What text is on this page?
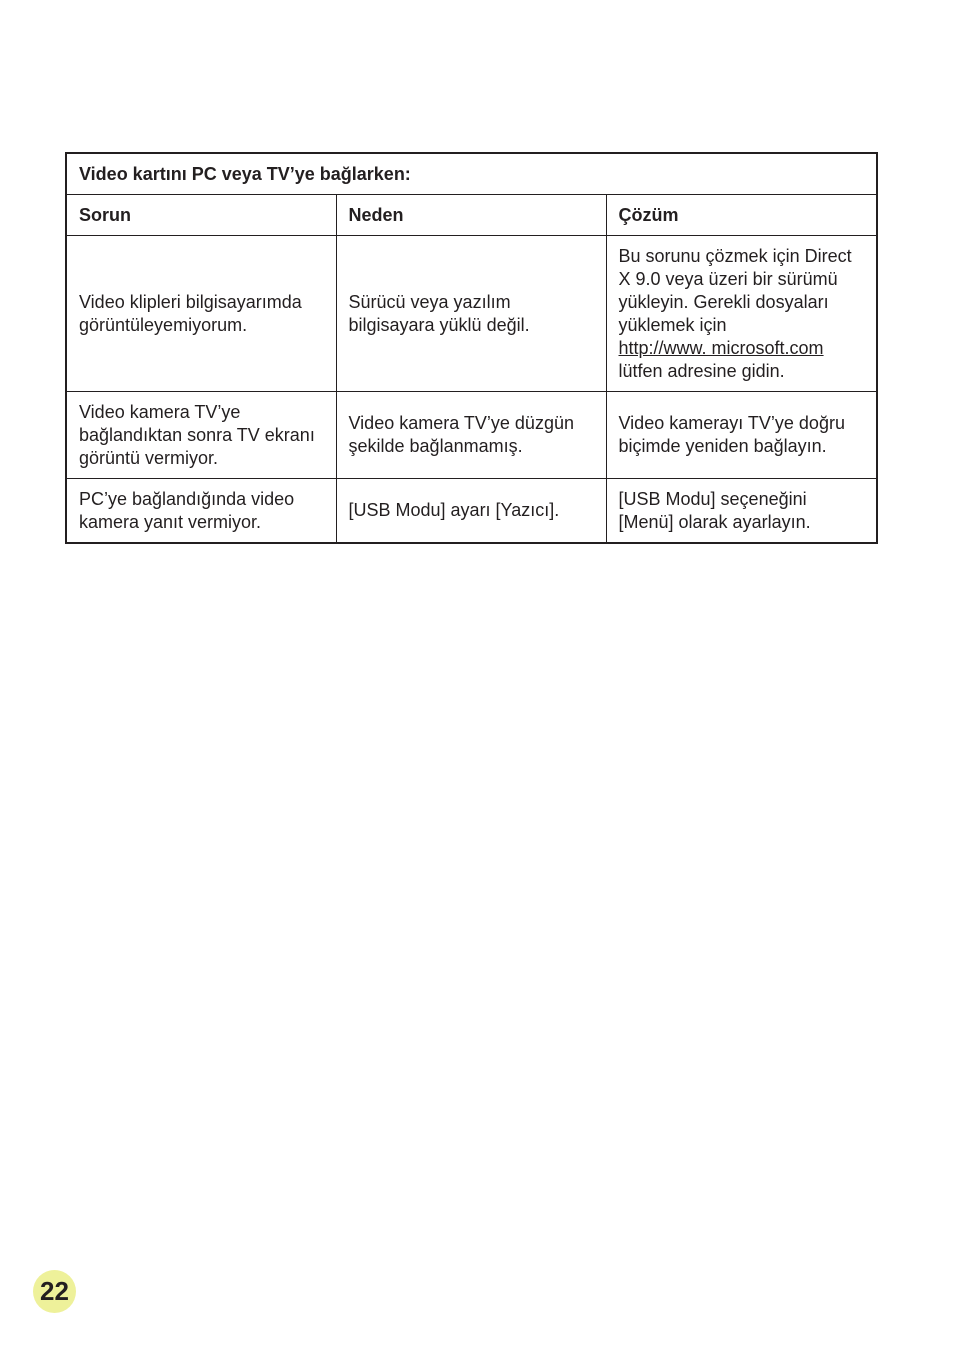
Video kartını PC veya TV’ye bağlarken:		
Sorun	Neden	Çözüm
Video klipleri bilgisayarımda görüntüleyemiyorum.	Sürücü veya yazılım bilgisayara yüklü değil.	Bu sorunu çözmek için Direct X 9.0 veya üzeri bir sürümü yükleyin. Gerekli dosyaları yüklemek için
http://www. microsoft.com
lütfen adresine gidin.

Video kamera TV’ye bağlandıktan sonra TV ekranı görüntü vermiyor.	Video kamera TV’ye düzgün şekilde bağlanmamış.	Video kamerayı TV’ye doğru biçimde yeniden bağlayın.
PC’ye bağlandığında video kamera yanıt vermiyor.	[USB Modu] ayarı [Yazıcı].	[USB Modu] seçeneğini [Menü] olarak ayarlayın.
22
